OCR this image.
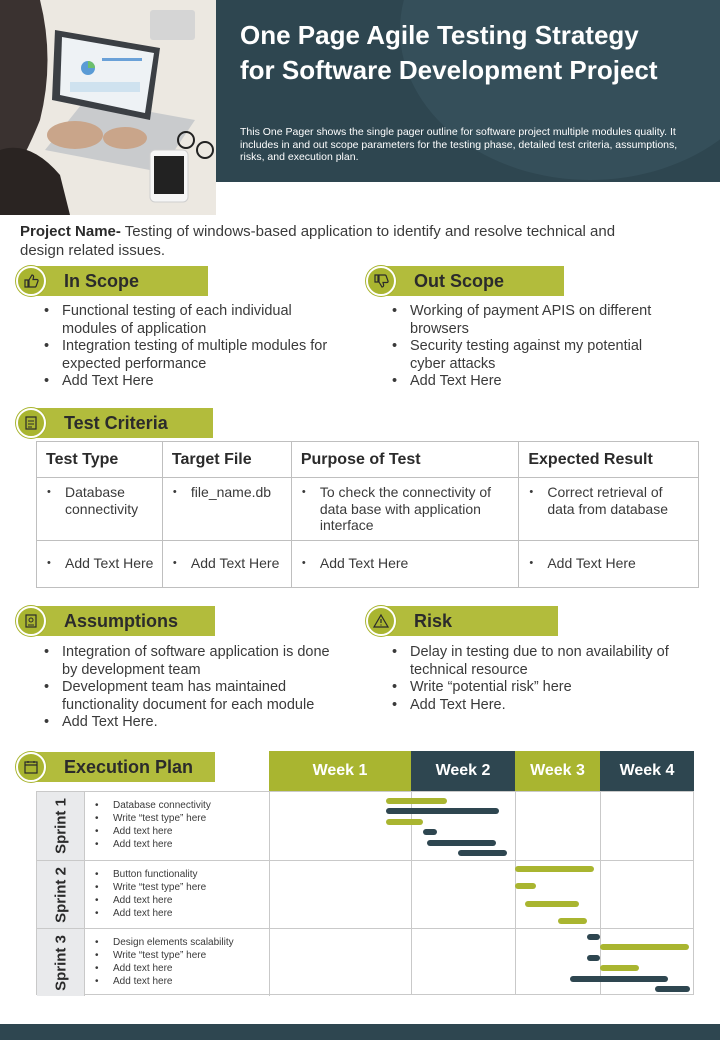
One Page Agile Testing Strategy for Software Development Project
This One Pager shows the single pager outline for software project multiple modules quality. It includes in and out scope parameters for the testing phase, detailed test criteria, assumptions, risks, and execution plan.
Project Name- Testing of windows-based application to identify and resolve technical and design related issues.
In Scope
• Functional testing of each individual modules of application
• Integration testing of multiple modules for expected performance
• Add Text Here
Out Scope
• Working of payment APIS on different browsers
• Security testing against my potential cyber attacks
• Add Text Here
Test Criteria
Test Type	Target File	Purpose of Test	Expected Result

• Database connectivity	• file_name.db	• To check the connectivity of data base with application interface	• Correct retrieval of data from database

• Add Text Here	• Add Text Here	• Add Text Here	• Add Text Here
Assumptions
• Integration of software application is done by development team
• Development team has maintained functionality document for each module
• Add Text Here.
Risk
• Delay in testing due to non availability of technical resource
• Write “potential risk” here
• Add Text Here.
Execution Plan	Week 1	Week 2	Week 3	Week 4
Sprint 1	• Database connectivity
• Write “test type” here
• Add text here
• Add text here
Sprint 2	• Button functionality
• Write “test type” here
• Add text here
• Add text here
Sprint 3	• Design elements scalability
• Write “test type” here
• Add text here
• Add text here
